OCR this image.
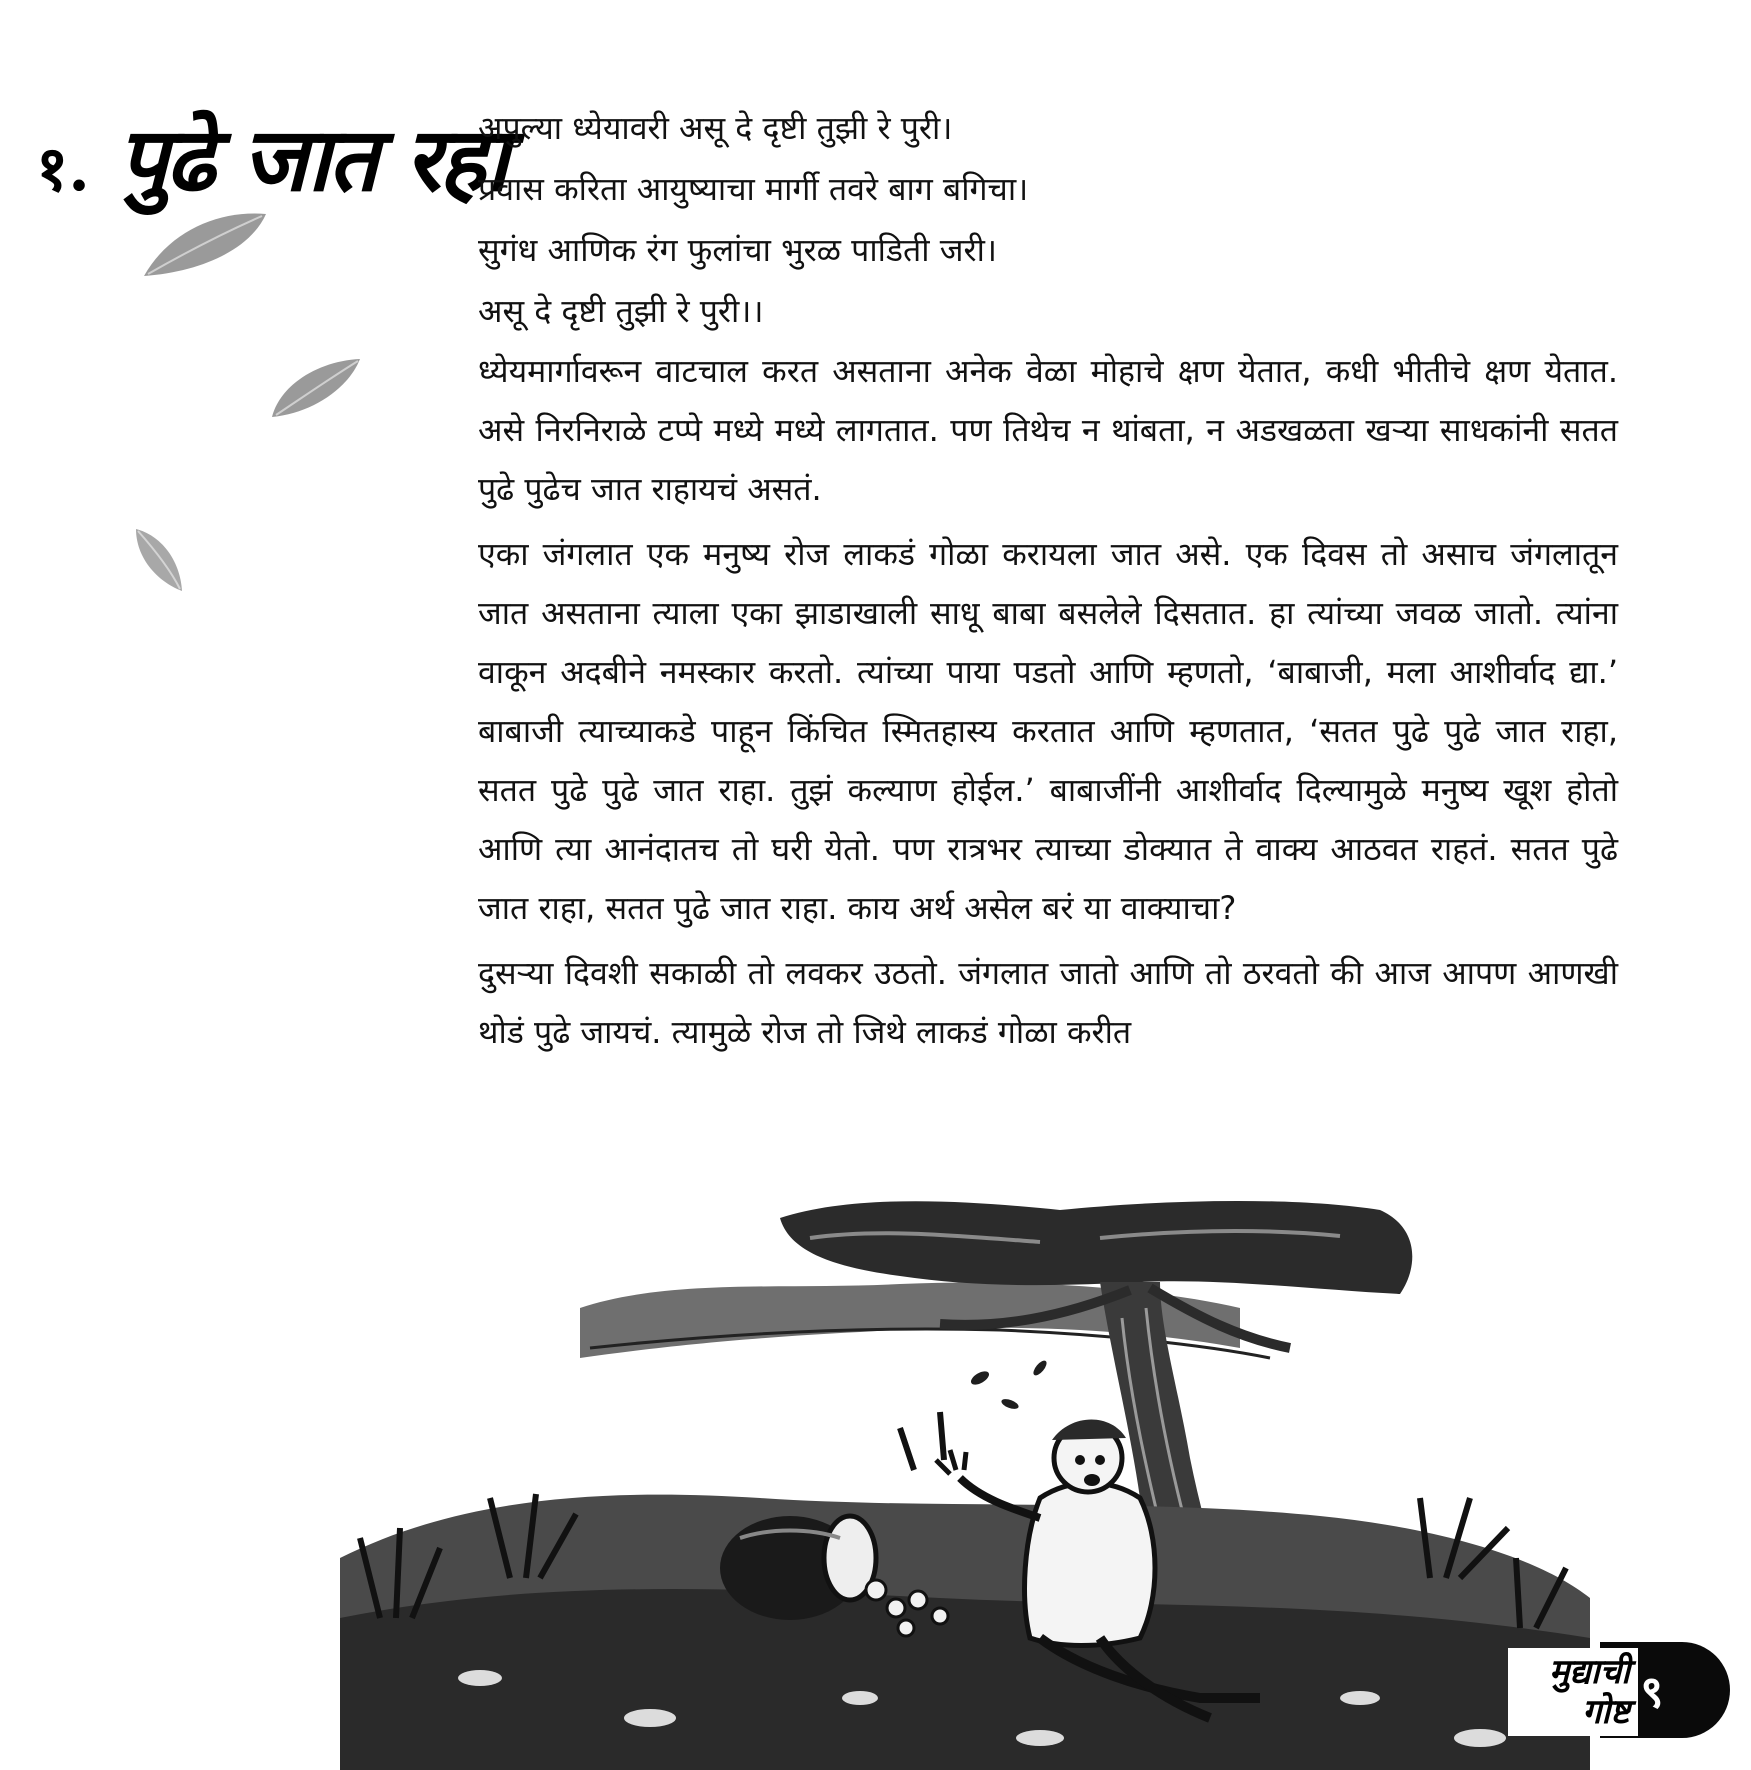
१. पुढे जात रहा
अपुल्या ध्येयावरी असू दे दृष्टी तुझी रे पुरी।
प्रवास करिता आयुष्याचा मार्गी तवरे बाग बगिचा।
सुगंध आणिक रंग फुलांचा भुरळ पाडिती जरी।
असू दे दृष्टी तुझी रे पुरी।।

ध्येयमार्गावरून वाटचाल करत असताना अनेक वेळा मोहाचे क्षण येतात, कधी भीतीचे क्षण येतात. असे निरनिराळे टप्पे मध्ये मध्ये लागतात. पण तिथेच न थांबता, न अडखळता खऱ्या साधकांनी सतत पुढे पुढेच जात राहायचं असतं.

एका जंगलात एक मनुष्य रोज लाकडं गोळा करायला जात असे. एक दिवस तो असाच जंगलातून जात असताना त्याला एका झाडाखाली साधू बाबा बसलेले दिसतात. हा त्यांच्या जवळ जातो. त्यांना वाकून अदबीने नमस्कार करतो. त्यांच्या पाया पडतो आणि म्हणतो, ‘बाबाजी, मला आशीर्वाद द्या.’ बाबाजी त्याच्याकडे पाहून किंचित स्मितहास्य करतात आणि म्हणतात, ‘सतत पुढे पुढे जात राहा, सतत पुढे पुढे जात राहा. तुझं कल्याण होईल.’ बाबाजींनी आशीर्वाद दिल्यामुळे मनुष्य खूश होतो आणि त्या आनंदातच तो घरी येतो. पण रात्रभर त्याच्या डोक्यात ते वाक्य आठवत राहतं. सतत पुढे जात राहा, सतत पुढे जात राहा. काय अर्थ असेल बरं या वाक्याचा?

दुसऱ्या दिवशी सकाळी तो लवकर उठतो. जंगलात जातो आणि तो ठरवतो की आज आपण आणखी थोडं पुढे जायचं. त्यामुळे रोज तो जिथे लाकडं गोळा करीत

मुद्याची
गोष्ट ९
